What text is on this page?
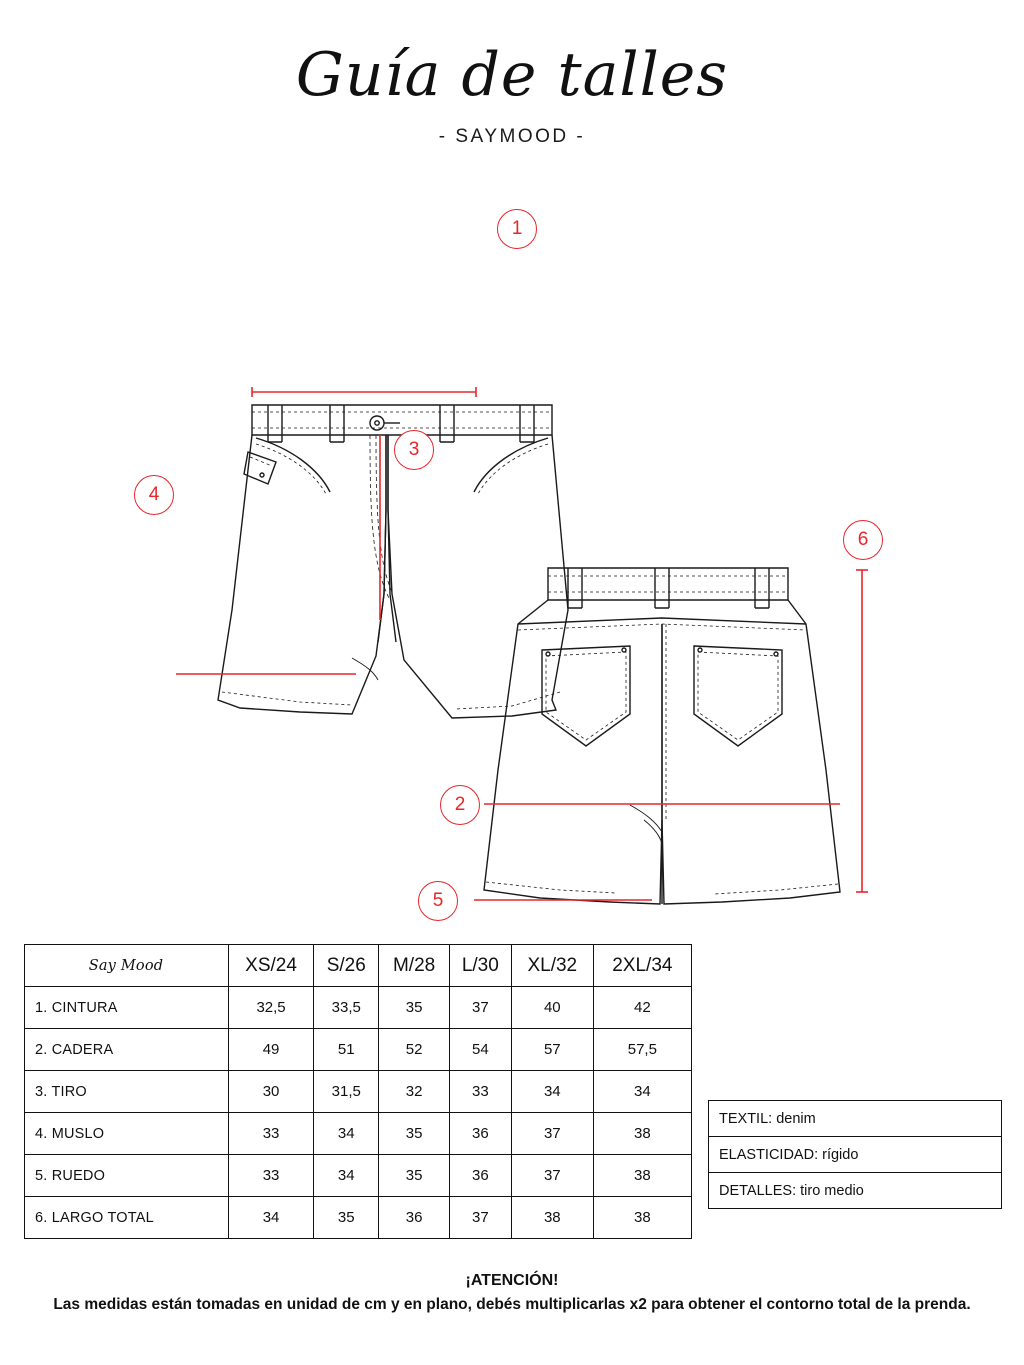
Guía de talles
- SAYMOOD -
1
3
4
6
2
5
Say Mood	XS/24	S/26	M/28	L/30	XL/32	2XL/34
1. CINTURA	32,5	33,5	35	37	40	42
2. CADERA	49	51	52	54	57	57,5
3. TIRO	30	31,5	32	33	34	34
4. MUSLO	33	34	35	36	37	38
5. RUEDO	33	34	35	36	37	38
6. LARGO TOTAL	34	35	36	37	38	38
TEXTIL: denim
ELASTICIDAD: rígido
DETALLES: tiro medio
¡ATENCIÓN!
Las medidas están tomadas en unidad de cm y en plano, debés multiplicarlas x2 para obtener el contorno total de la prenda.
